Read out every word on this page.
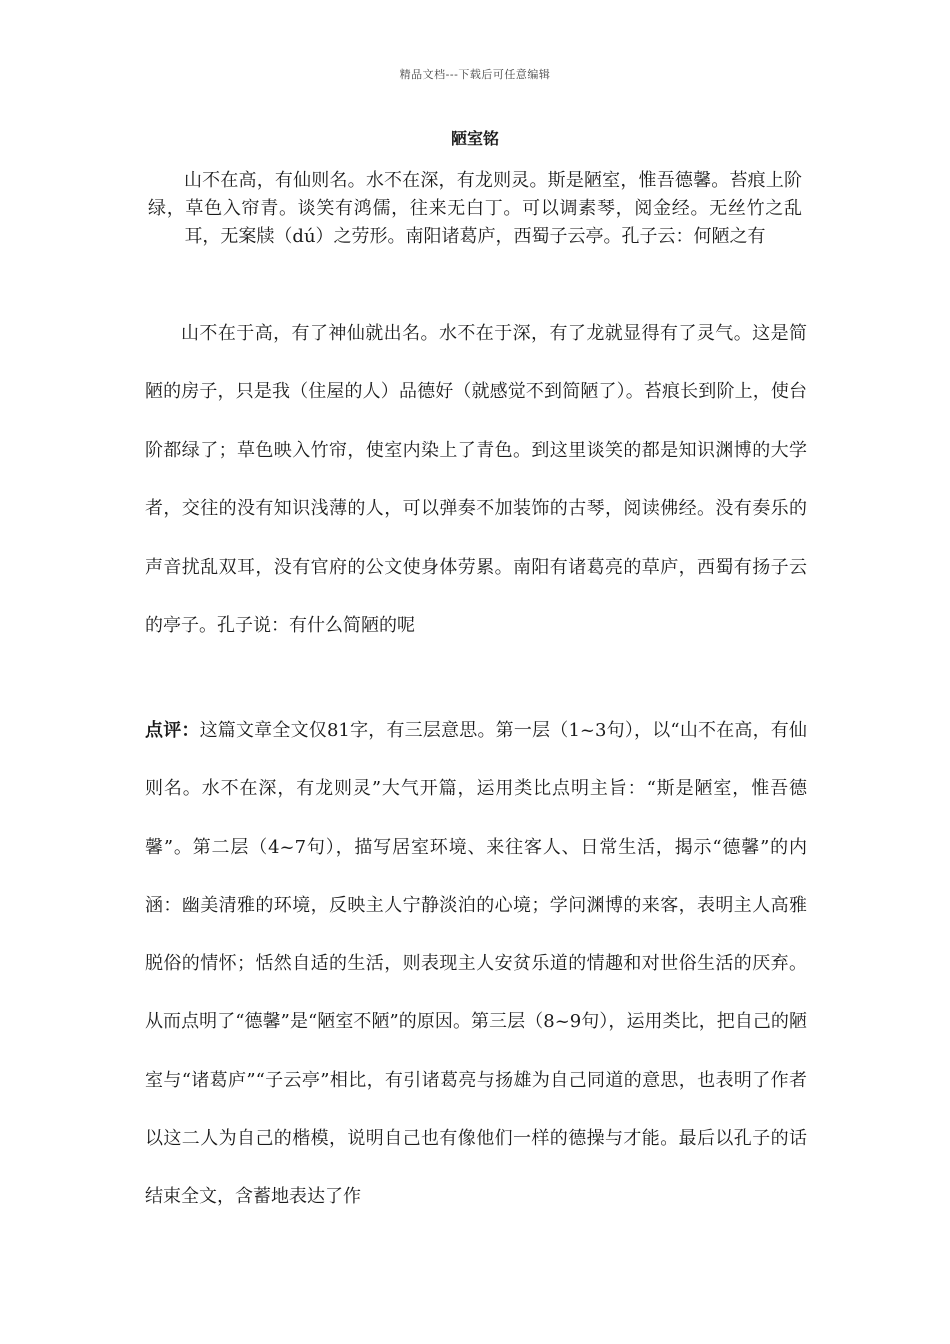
精品文档---下载后可任意编辑
陋室铭
山不在高，有仙则名。水不在深，有龙则灵。斯是陋室，惟吾德馨。苔痕上阶绿，草色入帘青。谈笑有鸿儒，往来无白丁。可以调素琴，阅金经。无丝竹之乱耳，无案牍（dú）之劳形。南阳诸葛庐，西蜀子云亭。孔子云：何陋之有
山不在于高，有了神仙就出名。水不在于深，有了龙就显得有了灵气。这是简陋的房子，只是我（住屋的人）品德好（就感觉不到简陋了）。苔痕长到阶上，使台阶都绿了；草色映入竹帘，使室内染上了青色。到这里谈笑的都是知识渊博的大学者，交往的没有知识浅薄的人，可以弹奏不加装饰的古琴，阅读佛经。没有奏乐的声音扰乱双耳，没有官府的公文使身体劳累。南阳有诸葛亮的草庐，西蜀有扬子云的亭子。孔子说：有什么简陋的呢
点评：这篇文章全文仅81字，有三层意思。第一层（1~3句），以“山不在高，有仙则名。水不在深，有龙则灵”大气开篇，运用类比点明主旨：“斯是陋室，惟吾德馨”。第二层（4~7句），描写居室环境、来往客人、日常生活，揭示“德馨”的内涵：幽美清雅的环境，反映主人宁静淡泊的心境；学问渊博的来客，表明主人高雅脱俗的情怀；恬然自适的生活，则表现主人安贫乐道的情趣和对世俗生活的厌弃。从而点明了“德馨”是“陋室不陋”的原因。第三层（8~9句），运用类比，把自己的陋室与“诸葛庐”“子云亭”相比，有引诸葛亮与扬雄为自己同道的意思，也表明了作者以这二人为自己的楷模，说明自己也有像他们一样的德操与才能。最后以孔子的话结束全文，含蓄地表达了作
